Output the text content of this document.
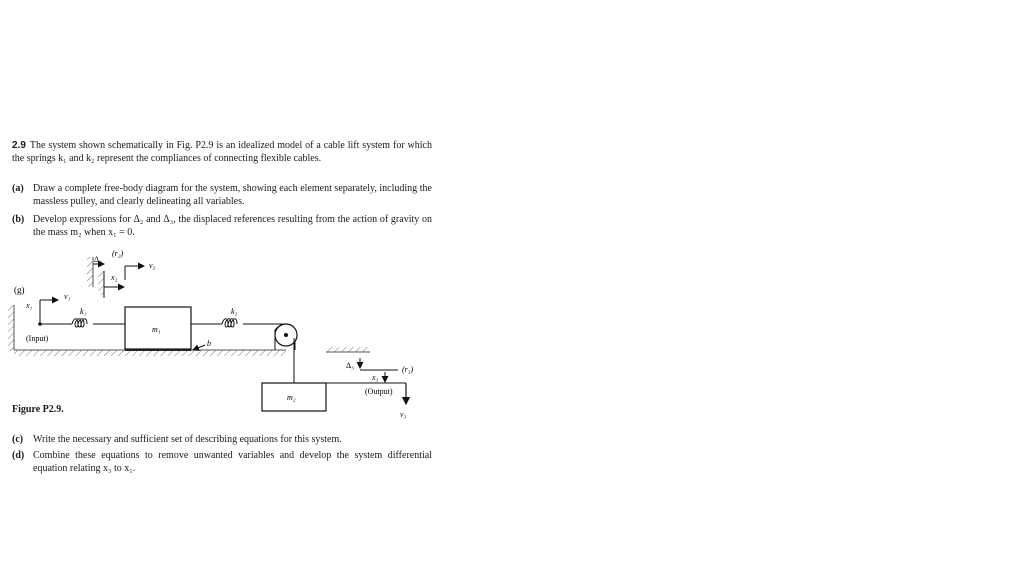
2.9 The system shown schematically in Fig. P2.9 is an idealized model of a cable lift system for which the springs k₁ and k₂ represent the compliances of connecting flexible cables.

(a) Draw a complete free-body diagram for the system, showing each element separately, including the massless pulley, and clearly delineating all variables.
(b) Develop expressions for Δ₂ and Δ₃, the displaced references resulting from the action of gravity on the mass m₂ when x₁ = 0.
(g)
x₁
v₁
(Input)
k₁
m₁
b
Δ₂
(r₂)
v₂
x₂
k₂
m₂
Δ₃	(r₃)
x₃
(Output)
v₃
Figure P2.9.
(c) Write the necessary and sufficient set of describing equations for this system.
(d) Combine these equations to remove unwanted variables and develop the system differential equation relating x₃ to x₁.
